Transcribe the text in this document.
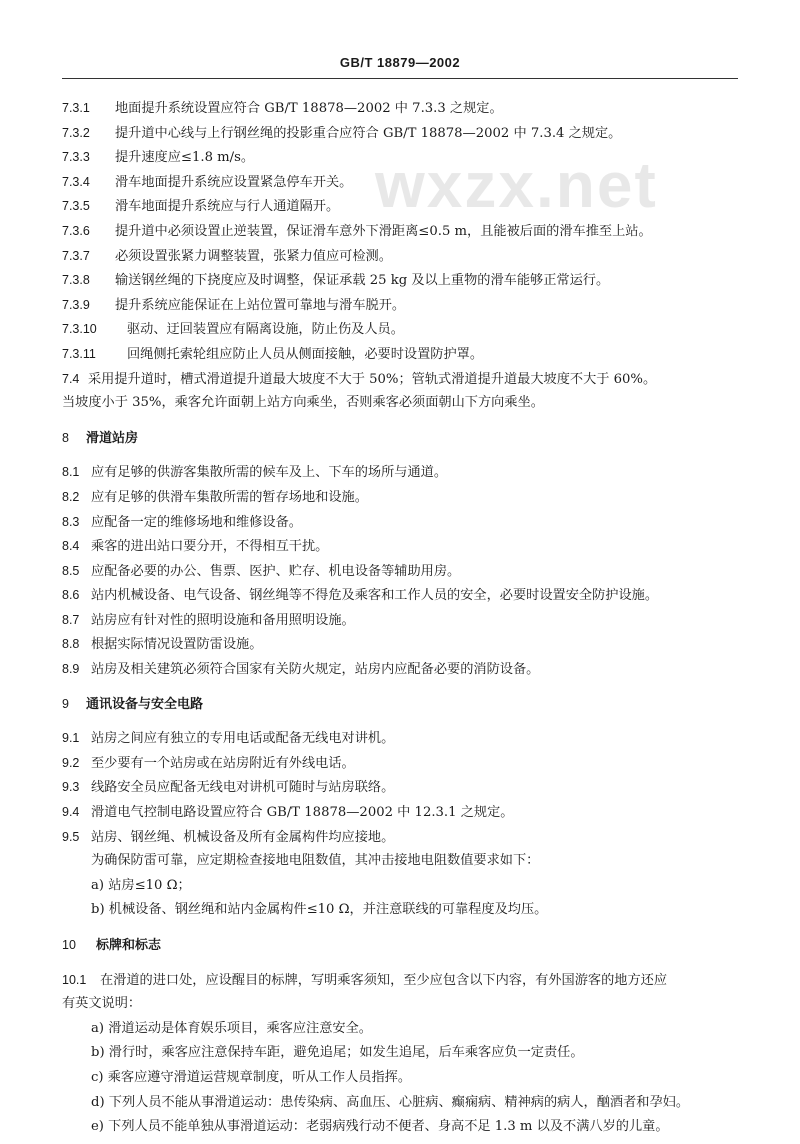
GB/T 18879—2002
wxzx.net
7.3.1 地面提升系统设置应符合 GB/T 18878—2002 中 7.3.3 之规定。
7.3.2 提升道中心线与上行钢丝绳的投影重合应符合 GB/T 18878—2002 中 7.3.4 之规定。
7.3.3 提升速度应≤1.8 m/s。
7.3.4 滑车地面提升系统应设置紧急停车开关。
7.3.5 滑车地面提升系统应与行人通道隔开。
7.3.6 提升道中必须设置止逆装置，保证滑车意外下滑距离≤0.5 m，且能被后面的滑车推至上站。
7.3.7 必须设置张紧力调整装置，张紧力值应可检测。
7.3.8 输送钢丝绳的下挠度应及时调整，保证承载 25 kg 及以上重物的滑车能够正常运行。
7.3.9 提升系统应能保证在上站位置可靠地与滑车脱开。
7.3.10 驱动、迂回装置应有隔离设施，防止伤及人员。
7.3.11 回绳侧托索轮组应防止人员从侧面接触，必要时设置防护罩。
7.4 采用提升道时，槽式滑道提升道最大坡度不大于 50%；管轨式滑道提升道最大坡度不大于 60%。
当坡度小于 35%，乘客允许面朝上站方向乘坐，否则乘客必须面朝山下方向乘坐。
8 滑道站房
8.1 应有足够的供游客集散所需的候车及上、下车的场所与通道。
8.2 应有足够的供滑车集散所需的暂存场地和设施。
8.3 应配备一定的维修场地和维修设备。
8.4 乘客的进出站口要分开，不得相互干扰。
8.5 应配备必要的办公、售票、医护、贮存、机电设备等辅助用房。
8.6 站内机械设备、电气设备、钢丝绳等不得危及乘客和工作人员的安全，必要时设置安全防护设施。
8.7 站房应有针对性的照明设施和备用照明设施。
8.8 根据实际情况设置防雷设施。
8.9 站房及相关建筑必须符合国家有关防火规定，站房内应配备必要的消防设备。
9 通讯设备与安全电路
9.1 站房之间应有独立的专用电话或配备无线电对讲机。
9.2 至少要有一个站房或在站房附近有外线电话。
9.3 线路安全员应配备无线电对讲机可随时与站房联络。
9.4 滑道电气控制电路设置应符合 GB/T 18878—2002 中 12.3.1 之规定。
9.5 站房、钢丝绳、机械设备及所有金属构件均应接地。
为确保防雷可靠，应定期检查接地电阻数值，其冲击接地电阻数值要求如下：
a) 站房≤10 Ω；
b) 机械设备、钢丝绳和站内金属构件≤10 Ω，并注意联线的可靠程度及均压。
10 标牌和标志
10.1 在滑道的进口处，应设醒目的标牌，写明乘客须知，至少应包含以下内容，有外国游客的地方还应
有英文说明：
a) 滑道运动是体育娱乐项目，乘客应注意安全。
b) 滑行时，乘客应注意保持车距，避免追尾；如发生追尾，后车乘客应负一定责任。
c) 乘客应遵守滑道运营规章制度，听从工作人员指挥。
d) 下列人员不能从事滑道运动：患传染病、高血压、心脏病、癫痫病、精神病的病人，酗酒者和孕妇。
e) 下列人员不能单独从事滑道运动：老弱病残行动不便者、身高不足 1.3 m 以及不满八岁的儿童。
